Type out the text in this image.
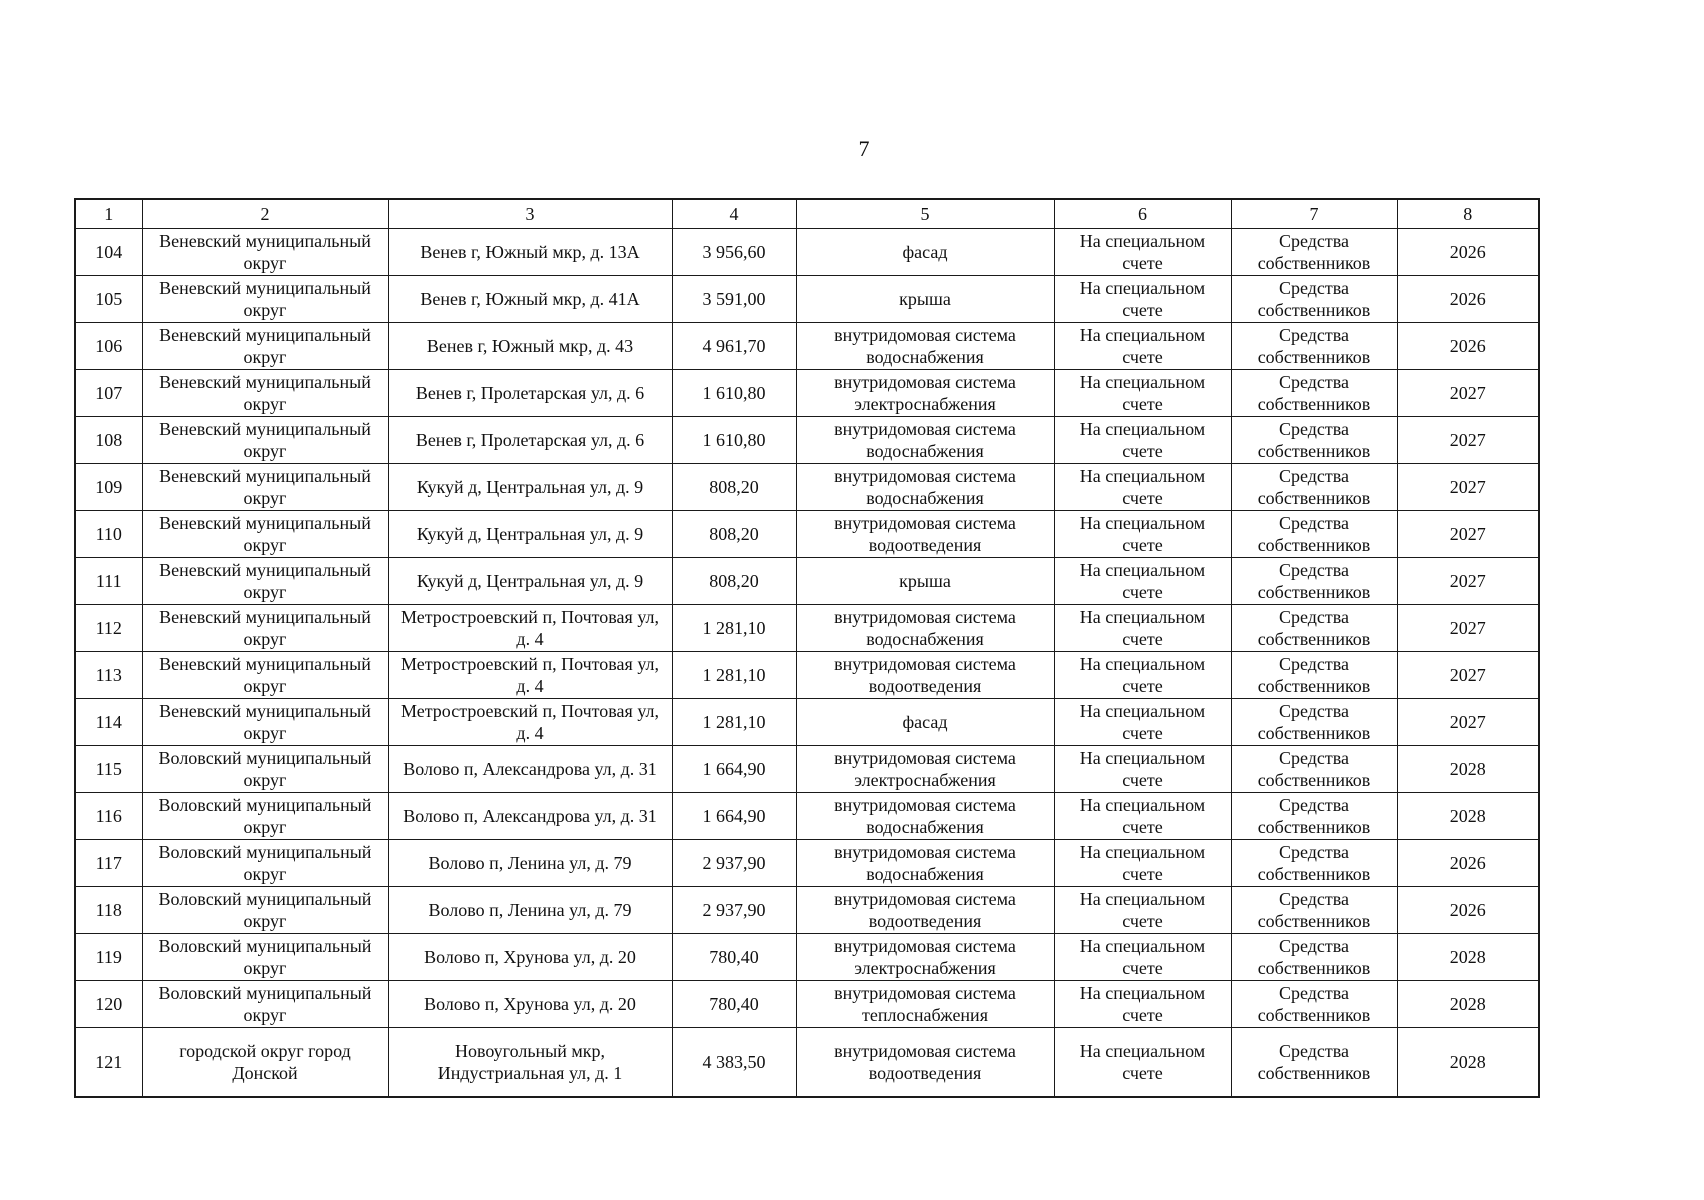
7
1	2	3	4	5	6	7	8
104	Веневский муниципальный округ	Венев г, Южный мкр, д. 13А	3 956,60	фасад	На специальном счете	Средства собственников	2026
105	Веневский муниципальный округ	Венев г, Южный мкр, д. 41А	3 591,00	крыша	На специальном счете	Средства собственников	2026
106	Веневский муниципальный округ	Венев г, Южный мкр, д. 43	4 961,70	внутридомовая система водоснабжения	На специальном счете	Средства собственников	2026
107	Веневский муниципальный округ	Венев г, Пролетарская ул, д. 6	1 610,80	внутридомовая система электроснабжения	На специальном счете	Средства собственников	2027
108	Веневский муниципальный округ	Венев г, Пролетарская ул, д. 6	1 610,80	внутридомовая система водоснабжения	На специальном счете	Средства собственников	2027
109	Веневский муниципальный округ	Кукуй д, Центральная ул, д. 9	808,20	внутридомовая система водоснабжения	На специальном счете	Средства собственников	2027
110	Веневский муниципальный округ	Кукуй д, Центральная ул, д. 9	808,20	внутридомовая система водоотведения	На специальном счете	Средства собственников	2027
111	Веневский муниципальный округ	Кукуй д, Центральная ул, д. 9	808,20	крыша	На специальном счете	Средства собственников	2027
112	Веневский муниципальный округ	Метростроевский п, Почтовая ул, д. 4	1 281,10	внутридомовая система водоснабжения	На специальном счете	Средства собственников	2027
113	Веневский муниципальный округ	Метростроевский п, Почтовая ул, д. 4	1 281,10	внутридомовая система водоотведения	На специальном счете	Средства собственников	2027
114	Веневский муниципальный округ	Метростроевский п, Почтовая ул, д. 4	1 281,10	фасад	На специальном счете	Средства собственников	2027
115	Воловский муниципальный округ	Волово п, Александрова ул, д. 31	1 664,90	внутридомовая система электроснабжения	На специальном счете	Средства собственников	2028
116	Воловский муниципальный округ	Волово п, Александрова ул, д. 31	1 664,90	внутридомовая система водоснабжения	На специальном счете	Средства собственников	2028
117	Воловский муниципальный округ	Волово п, Ленина ул, д. 79	2 937,90	внутридомовая система водоснабжения	На специальном счете	Средства собственников	2026
118	Воловский муниципальный округ	Волово п, Ленина ул, д. 79	2 937,90	внутридомовая система водоотведения	На специальном счете	Средства собственников	2026
119	Воловский муниципальный округ	Волово п, Хрунова ул, д. 20	780,40	внутридомовая система электроснабжения	На специальном счете	Средства собственников	2028
120	Воловский муниципальный округ	Волово п, Хрунова ул, д. 20	780,40	внутридомовая система теплоснабжения	На специальном счете	Средства собственников	2028
121	городской округ город Донской	Новоугольный мкр, Индустриальная ул, д. 1	4 383,50	внутридомовая система водоотведения	На специальном счете	Средства собственников	2028
